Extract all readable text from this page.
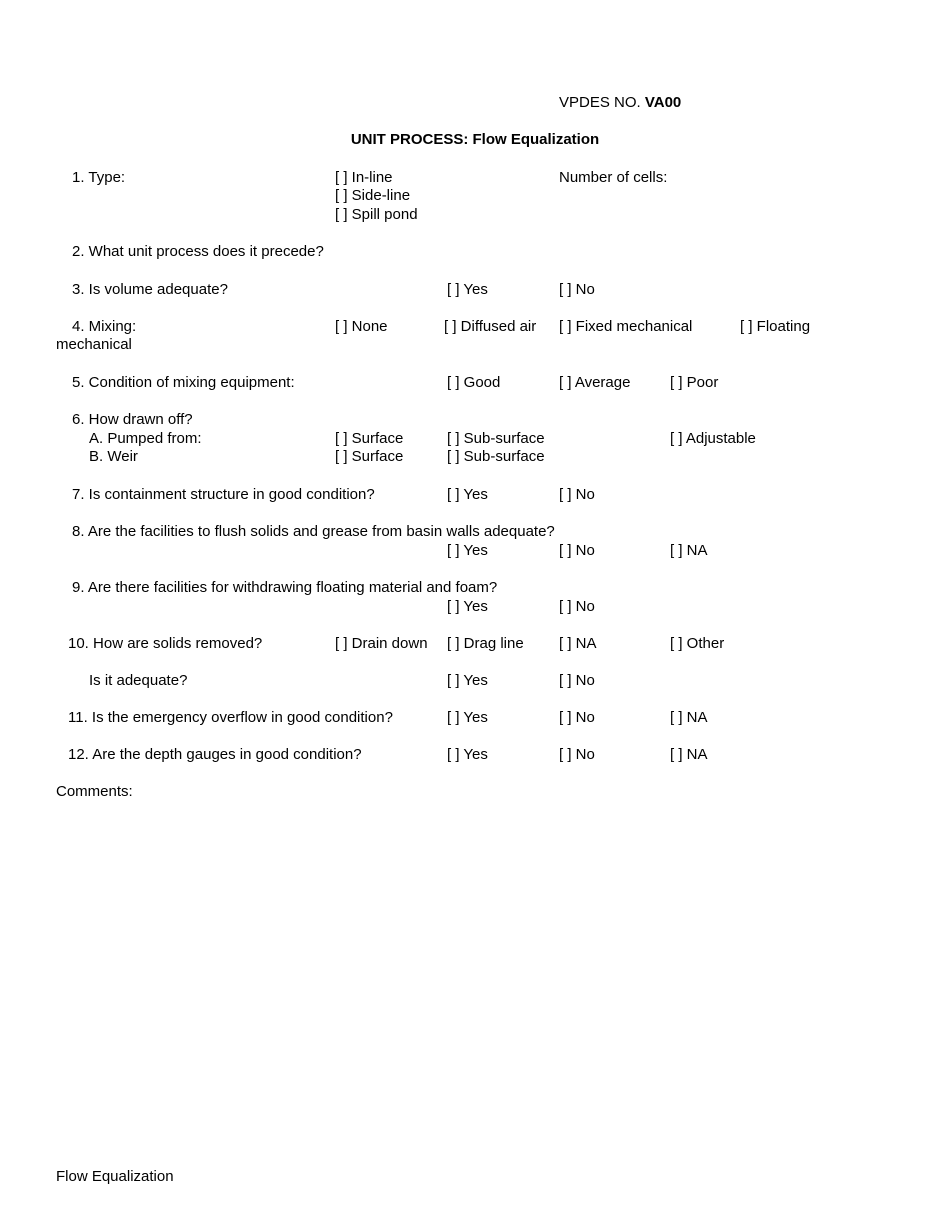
VPDES NO. VA00
UNIT PROCESS: Flow Equalization
1. Type:	[ ] In-line
[ ] Side-line
[ ] Spill pond
Number of cells:
2. What unit process does it precede?
3. Is volume adequate?	[ ] Yes	[ ] No
4. Mixing:	[ ] None	[ ] Diffused air [ ] Fixed mechanical	[ ] Floating
mechanical
5. Condition of mixing equipment:	[ ] Good	[ ] Average	[ ] Poor
6. How drawn off?
A. Pumped from:	[ ] Surface	[ ] Sub-surface	[ ] Adjustable
B. Weir	[ ] Surface	[ ] Sub-surface
7. Is containment structure in good condition?	[ ] Yes	[ ] No
8. Are the facilities to flush solids and grease from basin walls adequate?
[ ] Yes	[ ] No	[ ] NA
9. Are there facilities for withdrawing floating material and foam?
[ ] Yes	[ ] No
10. How are solids removed?	[ ] Drain down [ ] Drag line [ ] NA	[ ] Other
Is it adequate?	[ ] Yes	[ ] No
11. Is the emergency overflow in good condition?	[ ] Yes	[ ] No	[ ] NA
12. Are the depth gauges in good condition?	[ ] Yes	[ ] No	[ ] NA
Comments:
Flow Equalization
